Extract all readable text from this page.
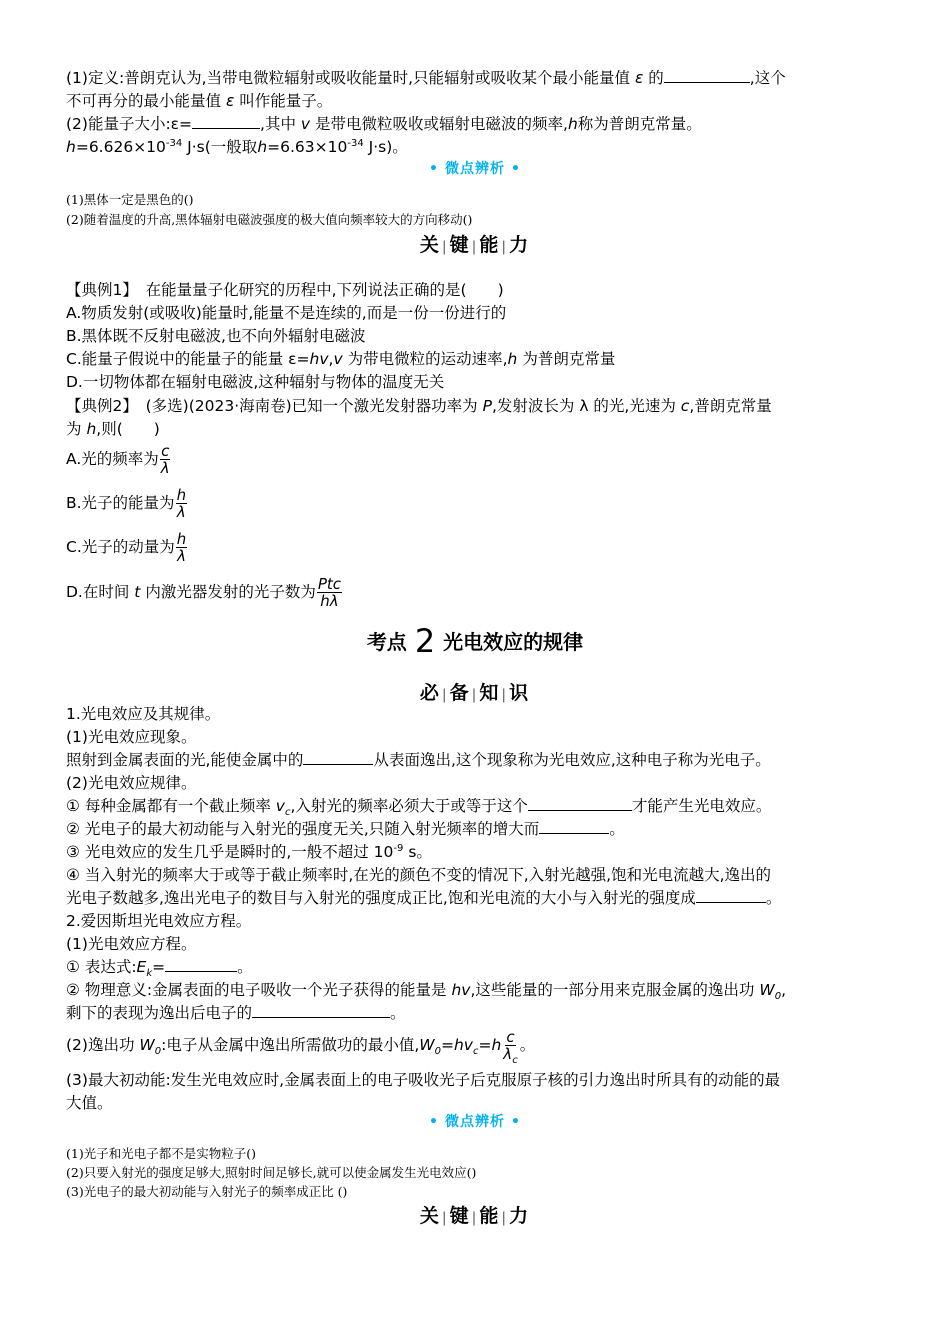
(1)定义:普朗克认为,当带电微粒辐射或吸收能量时,只能辐射或吸收某个最小能量值 ε 的	,这个
不可再分的最小能量值 ε 叫作能量子。
(2)能量子大小:ε=	,其中 v 是带电微粒吸收或辐射电磁波的频率,h称为普朗克常量。
$h=6.626\times 10^{-34}$ J·s(一般取$h=6.63\times 10^{-34}$ J·s)。
• 微点辨析 •
(1)黑体一定是黑色的()
(2)随着温度的升高,黑体辐射电磁波强度的极大值向频率较大的方向移动()
关|键|能|力
【典例1】　在能量量子化研究的历程中,下列说法正确的是(　　)
A.物质发射(或吸收)能量时,能量不是连续的,而是一份一份进行的
B.黑体既不反射电磁波,也不向外辐射电磁波
C.能量子假说中的能量子的能量 ε=hv,v 为带电微粒的运动速率,h 为普朗克常量
D.一切物体都在辐射电磁波,这种辐射与物体的温度无关
【典例2】　(多选)(2023·海南卷)已知一个激光发射器功率为 P,发射波长为 λ 的光,光速为 c,普朗克常量
为 h,则(　　)
A.光的频率为 $\frac{c}{\lambda}$
B.光子的能量为 $\frac{h}{\lambda}$
C.光子的动量为 $\frac{h}{\lambda}$
D.在时间 t 内激光器发射的光子数为 $\frac{\text{Ptc}}{h\lambda}$
考点 2 光电效应的规律
必|备|知|识
1.光电效应及其规律。
(1)光电效应现象。
照射到金属表面的光,能使金属中的	从表面逸出,这个现象称为光电效应,这种电子称为光电子。
(2)光电效应规律。
① 每种金属都有一个截止频率 $v_c$,入射光的频率必须大于或等于这个	才能产生光电效应。
② 光电子的最大初动能与入射光的强度无关,只随入射光频率的增大而	。
③ 光电效应的发生几乎是瞬时的,一般不超过 $10^{-9}$ s。
④ 当入射光的频率大于或等于截止频率时,在光的颜色不变的情况下,入射光越强,饱和光电流越大,逸出的
光电子数越多,逸出光电子的数目与入射光的强度成正比,饱和光电流的大小与入射光的强度成	。
2.爱因斯坦光电效应方程。
(1)光电效应方程。
① 表达式$:E_k=$	。
② 物理意义:金属表面的电子吸收一个光子获得的能量是 hv,这些能量的一部分用来克服金属的逸出功 $W_0$,
剩下的表现为逸出后电子的	。
(2)逸出功 $W_0$:电子从金属中逸出所需做功的最小值$,W_0=hv_c=h \frac{c}{\lambda_c}$ 。
(3)最大初动能:发生光电效应时,金属表面上的电子吸收光子后克服原子核的引力逸出时所具有的动能的最
大值。
• 微点辨析 •
(1)光子和光电子都不是实物粒子()
(2)只要入射光的强度足够大,照射时间足够长,就可以使金属发生光电效应()
(3)光电子的最大初动能与入射光子的频率成正比 ()
关|键|能|力
